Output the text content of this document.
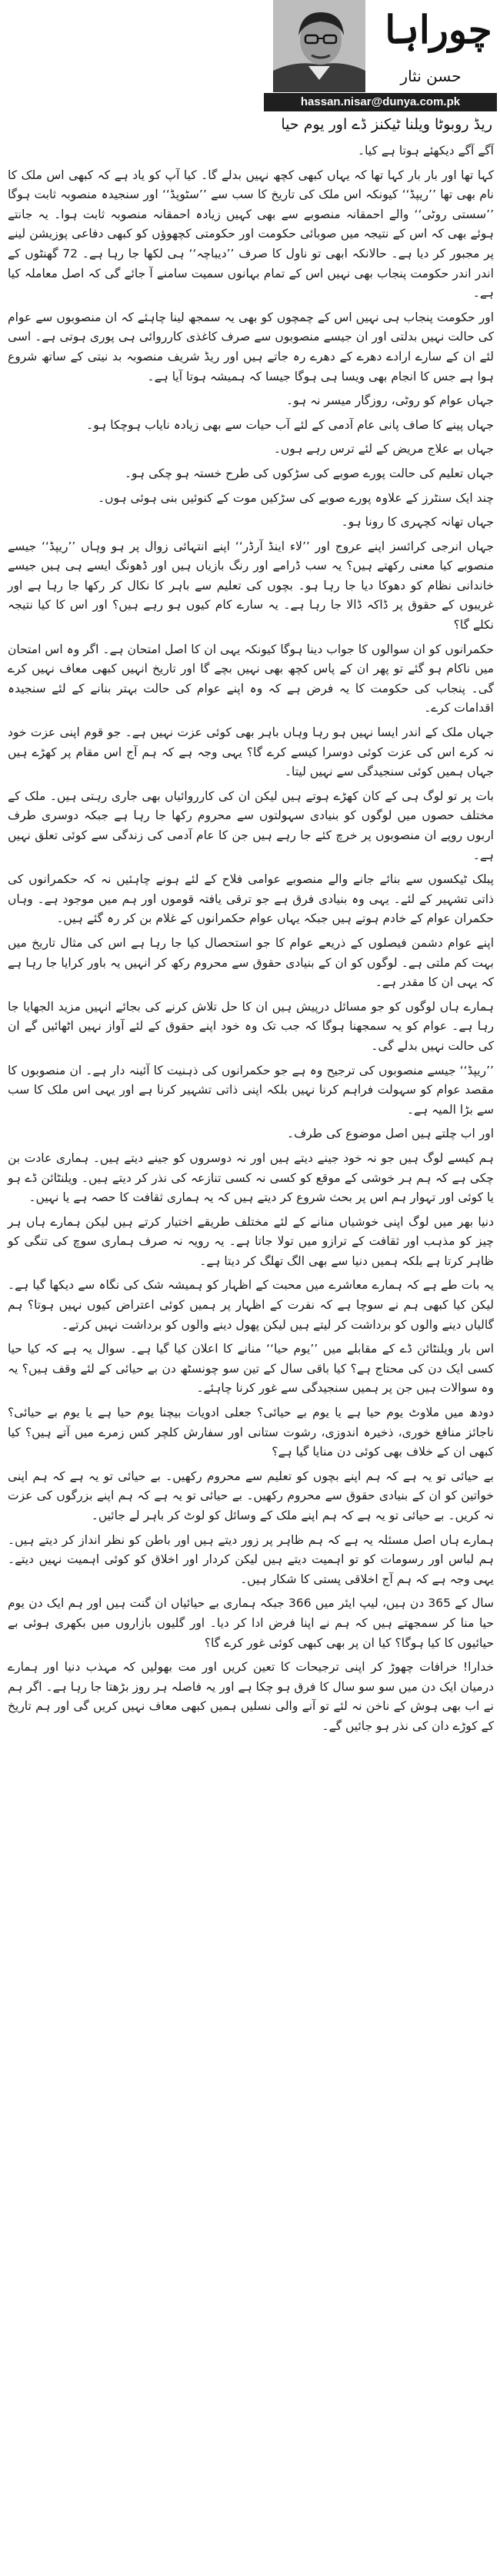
چوراہا
حسن نثار
hassan.nisar@dunya.com.pk
ریڈ روبوٹا ویلنا ٹیکنز ڈے اور یوم حیا

آگے آگے دیکھئے ہوتا ہے کیا۔

کہا تھا اور بار بار کہا تھا کہ یہاں کبھی کچھ نہیں بدلے گا۔ کیا آپ کو یاد ہے کہ کبھی اس ملک کا نام بھی تھا ’’ریپڈ‘‘ کیونکہ اس ملک کی تاریخ کا سب سے ’’سٹوپڈ‘‘ اور سنجیدہ منصوبہ ثابت ہوگا ’’سستی روٹی‘‘ والے احمقانہ منصوبے سے بھی کہیں زیادہ احمقانہ منصوبہ ثابت ہوا۔ یہ جانتے ہوئے بھی کہ اس کے نتیجہ میں صوبائی حکومت اور حکومتی کچھوؤں کو کبھی دفاعی پوزیشن لینے پر مجبور کر دیا ہے۔ حالانکہ ابھی تو ناول کا صرف ’’دیباچہ‘‘ ہی لکھا جا رہا ہے۔ 72 گھنٹوں کے اندر اندر حکومت پنجاب بھی نہیں اس کے تمام بہانوں سمیت سامنے آ جائے گی کہ اصل معاملہ کیا ہے۔

اور حکومت پنجاب ہی نہیں اس کے چمچوں کو بھی یہ سمجھ لینا چاہئے کہ ان منصوبوں سے عوام کی حالت نہیں بدلتی اور ان جیسے منصوبوں سے صرف کاغذی کارروائی ہی پوری ہوتی ہے۔ اسی لئے ان کے سارے ارادے دھرے کے دھرے رہ جاتے ہیں اور ریڈ شریف منصوبہ بد نیتی کے ساتھ شروع ہوا ہے جس کا انجام بھی ویسا ہی ہوگا جیسا کہ ہمیشہ ہوتا آیا ہے۔

جہاں عوام کو روٹی، روزگار میسر نہ ہو۔

جہاں پینے کا صاف پانی عام آدمی کے لئے آب حیات سے بھی زیادہ نایاب ہوچکا ہو۔

جہاں بے علاج مریض کے لئے ترس رہے ہوں۔

جہاں تعلیم کی حالت پورے صوبے کی سڑکوں کی طرح خستہ ہو چکی ہو۔

چند ایک سنٹرز کے علاوہ پورے صوبے کی سڑکیں موت کے کنوئیں بنی ہوئی ہوں۔

جہاں تھانہ کچہری کا رونا ہو۔

جہاں انرجی کرائسز اپنے عروج اور ’’لاء اینڈ آرڈر‘‘ اپنے انتہائی زوال پر ہو وہاں ’’ریپڈ‘‘ جیسے منصوبے کیا معنی رکھتے ہیں؟ یہ سب ڈرامے اور رنگ بازیاں ہیں اور ڈھونگ ایسے ہی ہیں جیسے خاندانی نظام کو دھوکا دیا جا رہا ہو۔ بچوں کی تعلیم سے باہر کا نکال کر رکھا جا رہا ہے اور غریبوں کے حقوق پر ڈاکہ ڈالا جا رہا ہے۔ یہ سارے کام کیوں ہو رہے ہیں؟ اور اس کا کیا نتیجہ نکلے گا؟

حکمرانوں کو ان سوالوں کا جواب دینا ہوگا کیونکہ یہی ان کا اصل امتحان ہے۔ اگر وہ اس امتحان میں ناکام ہو گئے تو پھر ان کے پاس کچھ بھی نہیں بچے گا اور تاریخ انہیں کبھی معاف نہیں کرے گی۔ پنجاب کی حکومت کا یہ فرض ہے کہ وہ اپنے عوام کی حالت بہتر بنانے کے لئے سنجیدہ اقدامات کرے۔

جہاں ملک کے اندر ایسا نہیں ہو رہا وہاں باہر بھی کوئی عزت نہیں ہے۔ جو قوم اپنی عزت خود نہ کرے اس کی عزت کوئی دوسرا کیسے کرے گا؟ یہی وجہ ہے کہ ہم آج اس مقام پر کھڑے ہیں جہاں ہمیں کوئی سنجیدگی سے نہیں لیتا۔

بات پر تو لوگ ہی کے کان کھڑے ہوتے ہیں لیکن ان کی کارروائیاں بھی جاری رہتی ہیں۔ ملک کے مختلف حصوں میں لوگوں کو بنیادی سہولتوں سے محروم رکھا جا رہا ہے جبکہ دوسری طرف اربوں روپے ان منصوبوں پر خرچ کئے جا رہے ہیں جن کا عام آدمی کی زندگی سے کوئی تعلق نہیں ہے۔

پبلک ٹیکسوں سے بنائے جانے والے منصوبے عوامی فلاح کے لئے ہونے چاہئیں نہ کہ حکمرانوں کی ذاتی تشہیر کے لئے۔ یہی وہ بنیادی فرق ہے جو ترقی یافتہ قوموں اور ہم میں موجود ہے۔ وہاں حکمران عوام کے خادم ہوتے ہیں جبکہ یہاں عوام حکمرانوں کے غلام بن کر رہ گئے ہیں۔

اپنے عوام دشمن فیصلوں کے ذریعے عوام کا جو استحصال کیا جا رہا ہے اس کی مثال تاریخ میں بہت کم ملتی ہے۔ لوگوں کو ان کے بنیادی حقوق سے محروم رکھ کر انہیں یہ باور کرایا جا رہا ہے کہ یہی ان کا مقدر ہے۔

ہمارے ہاں لوگوں کو جو مسائل درپیش ہیں ان کا حل تلاش کرنے کی بجائے انہیں مزید الجھایا جا رہا ہے۔ عوام کو یہ سمجھنا ہوگا کہ جب تک وہ خود اپنے حقوق کے لئے آواز نہیں اٹھائیں گے ان کی حالت نہیں بدلے گی۔

’’ریپڈ‘‘ جیسے منصوبوں کی ترجیح وہ ہے جو حکمرانوں کی ذہنیت کا آئینہ دار ہے۔ ان منصوبوں کا مقصد عوام کو سہولت فراہم کرنا نہیں بلکہ اپنی ذاتی تشہیر کرنا ہے اور یہی اس ملک کا سب سے بڑا المیہ ہے۔

اور اب چلتے ہیں اصل موضوع کی طرف۔

ہم کیسے لوگ ہیں جو نہ خود جینے دیتے ہیں اور نہ دوسروں کو جینے دیتے ہیں۔ ہماری عادت بن چکی ہے کہ ہم ہر خوشی کے موقع کو کسی نہ کسی تنازعہ کی نذر کر دیتے ہیں۔ ویلنٹائن ڈے ہو یا کوئی اور تہوار ہم اس پر بحث شروع کر دیتے ہیں کہ یہ ہماری ثقافت کا حصہ ہے یا نہیں۔

دنیا بھر میں لوگ اپنی خوشیاں منانے کے لئے مختلف طریقے اختیار کرتے ہیں لیکن ہمارے ہاں ہر چیز کو مذہب اور ثقافت کے ترازو میں تولا جاتا ہے۔ یہ رویہ نہ صرف ہماری سوچ کی تنگی کو ظاہر کرتا ہے بلکہ ہمیں دنیا سے بھی الگ تھلگ کر دیتا ہے۔

یہ بات طے ہے کہ ہمارے معاشرے میں محبت کے اظہار کو ہمیشہ شک کی نگاہ سے دیکھا گیا ہے۔ لیکن کیا کبھی ہم نے سوچا ہے کہ نفرت کے اظہار پر ہمیں کوئی اعتراض کیوں نہیں ہوتا؟ ہم گالیاں دینے والوں کو برداشت کر لیتے ہیں لیکن پھول دینے والوں کو برداشت نہیں کرتے۔

اس بار ویلنٹائن ڈے کے مقابلے میں ’’یوم حیا‘‘ منانے کا اعلان کیا گیا ہے۔ سوال یہ ہے کہ کیا حیا کسی ایک دن کی محتاج ہے؟ کیا باقی سال کے تین سو چونسٹھ دن بے حیائی کے لئے وقف ہیں؟ یہ وہ سوالات ہیں جن پر ہمیں سنجیدگی سے غور کرنا چاہئے۔

دودھ میں ملاوٹ یوم حیا ہے یا یوم بے حیائی؟ جعلی ادویات بیچنا یوم حیا ہے یا یوم بے حیائی؟ ناجائز منافع خوری، ذخیرہ اندوزی، رشوت ستانی اور سفارش کلچر کس زمرے میں آتے ہیں؟ کیا کبھی ان کے خلاف بھی کوئی دن منایا گیا ہے؟

بے حیائی تو یہ ہے کہ ہم اپنے بچوں کو تعلیم سے محروم رکھیں۔ بے حیائی تو یہ ہے کہ ہم اپنی خواتین کو ان کے بنیادی حقوق سے محروم رکھیں۔ بے حیائی تو یہ ہے کہ ہم اپنے بزرگوں کی عزت نہ کریں۔ بے حیائی تو یہ ہے کہ ہم اپنے ملک کے وسائل کو لوٹ کر باہر لے جائیں۔

ہمارے ہاں اصل مسئلہ یہ ہے کہ ہم ظاہر پر زور دیتے ہیں اور باطن کو نظر انداز کر دیتے ہیں۔ ہم لباس اور رسومات کو تو اہمیت دیتے ہیں لیکن کردار اور اخلاق کو کوئی اہمیت نہیں دیتے۔ یہی وجہ ہے کہ ہم آج اخلاقی پستی کا شکار ہیں۔

سال کے 365 دن ہیں، لیپ ایئر میں 366 جبکہ ہماری بے حیائیاں ان گنت ہیں اور ہم ایک دن یوم حیا منا کر سمجھتے ہیں کہ ہم نے اپنا فرض ادا کر دیا۔ اور گلیوں بازاروں میں بکھری ہوئی بے حیائیوں کا کیا ہوگا؟ کیا ان پر بھی کبھی کوئی غور کرے گا؟

خدارا! خرافات چھوڑ کر اپنی ترجیحات کا تعین کریں اور مت بھولیں کہ مہذب دنیا اور ہمارے درمیان ایک دن میں سو سو سال کا فرق ہو چکا ہے اور یہ فاصلہ ہر روز بڑھتا جا رہا ہے۔ اگر ہم نے اب بھی ہوش کے ناخن نہ لئے تو آنے والی نسلیں ہمیں کبھی معاف نہیں کریں گی اور ہم تاریخ کے کوڑے دان کی نذر ہو جائیں گے۔
